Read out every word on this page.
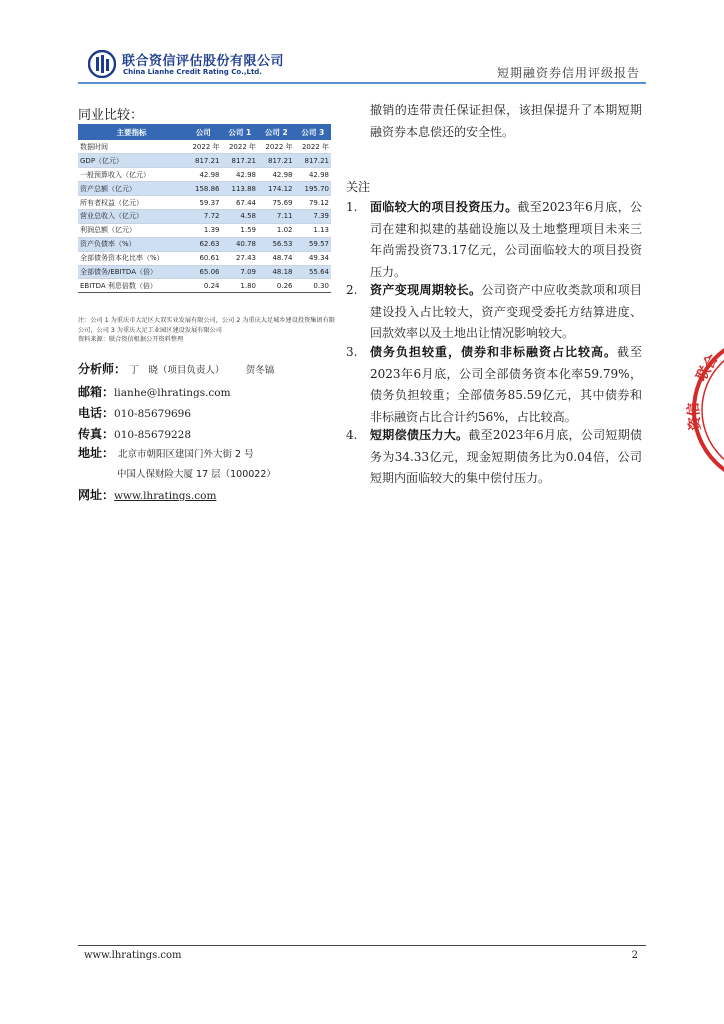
联合资信评估股份有限公司
China Lianhe Credit Rating Co.,Ltd.	短期融资券信用评级报告
同业比较：
主要指标	公司	公司 1	公司 2	公司 3
数据时间	2022 年	2022 年	2022 年	2022 年
GDP（亿元）	817.21	817.21	817.21	817.21
一般预算收入（亿元）	42.98	42.98	42.98	42.98
资产总额（亿元）	158.86	113.88	174.12	195.70
所有者权益（亿元）	59.37	67.44	75.69	79.12
营业总收入（亿元）	7.72	4.58	7.11	7.39
利润总额（亿元）	1.39	1.59	1.02	1.13
资产负债率（%）	62.63	40.78	56.53	59.57
全部债务资本化比率（%）	60.61	27.43	48.74	49.34
全部债务/EBITDA（倍）	65.06	7.09	48.18	55.64
EBITDA 利息倍数（倍）	0.24	1.80	0.26	0.30
注：公司 1 为重庆市大足区大双实业发展有限公司，公司 2 为重庆大足城乡建设投资集团有限公司，公司 3 为重庆大足工业园区建设发展有限公司
资料来源：联合资信根据公开资料整理
分析师： 丁　晓（项目负责人） 贺冬镐
邮箱：lianhe@lhratings.com
电话：010-85679696
传真：010-85679228
地址： 北京市朝阳区建国门外大街 2 号
中国人保财险大厦 17 层（100022）
网址：www.lhratings.com
撤销的连带责任保证担保，该担保提升了本期短期融资券本息偿还的安全性。
关注
1.	面临较大的项目投资压力。截至2023年6月底，公司在建和拟建的基础设施以及土地整理项目未来三年尚需投资73.17亿元，公司面临较大的项目投资压力。
2.	资产变现周期较长。公司资产中应收类款项和项目建设投入占比较大，资产变现受委托方结算进度、回款效率以及土地出让情况影响较大。
3.	债务负担较重，债券和非标融资占比较高。截至2023年6月底，公司全部债务资本化率59.79%，债务负担较重；全部债务85.59亿元，其中债券和非标融资占比合计约56%，占比较高。
4.	短期偿债压力大。截至2023年6月底，公司短期债务为34.33亿元，现金短期债务比为0.04倍，公司短期内面临较大的集中偿付压力。
联合
资信
www.lhratings.com	2
